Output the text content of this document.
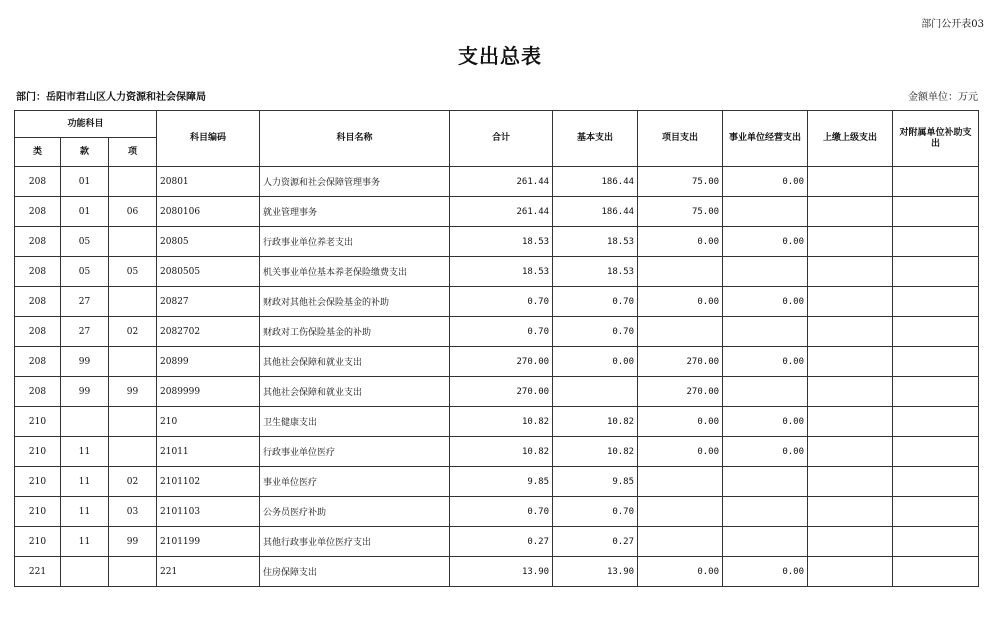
部门公开表03
支出总表
部门：岳阳市君山区人力资源和社会保障局	金额单位：万元
功能科目			科目编码	科目名称	合计	基本支出	项目支出	事业单位经营支出	上缴上级支出	对附属单位补助支出
类	款	项								
208	01		20801	人力资源和社会保障管理事务	261.44	186.44	75.00	0.00		
208	01	06	2080106	就业管理事务	261.44	186.44	75.00			
208	05		20805	行政事业单位养老支出	18.53	18.53	0.00	0.00		
208	05	05	2080505	机关事业单位基本养老保险缴费支出	18.53	18.53				
208	27		20827	财政对其他社会保险基金的补助	0.70	0.70	0.00	0.00		
208	27	02	2082702	财政对工伤保险基金的补助	0.70	0.70				
208	99		20899	其他社会保障和就业支出	270.00	0.00	270.00	0.00		
208	99	99	2089999	其他社会保障和就业支出	270.00		270.00			
210			210	卫生健康支出	10.82	10.82	0.00	0.00		
210	11		21011	行政事业单位医疗	10.82	10.82	0.00	0.00		
210	11	02	2101102	事业单位医疗	9.85	9.85				
210	11	03	2101103	公务员医疗补助	0.70	0.70				
210	11	99	2101199	其他行政事业单位医疗支出	0.27	0.27				
221			221	住房保障支出	13.90	13.90	0.00	0.00		
